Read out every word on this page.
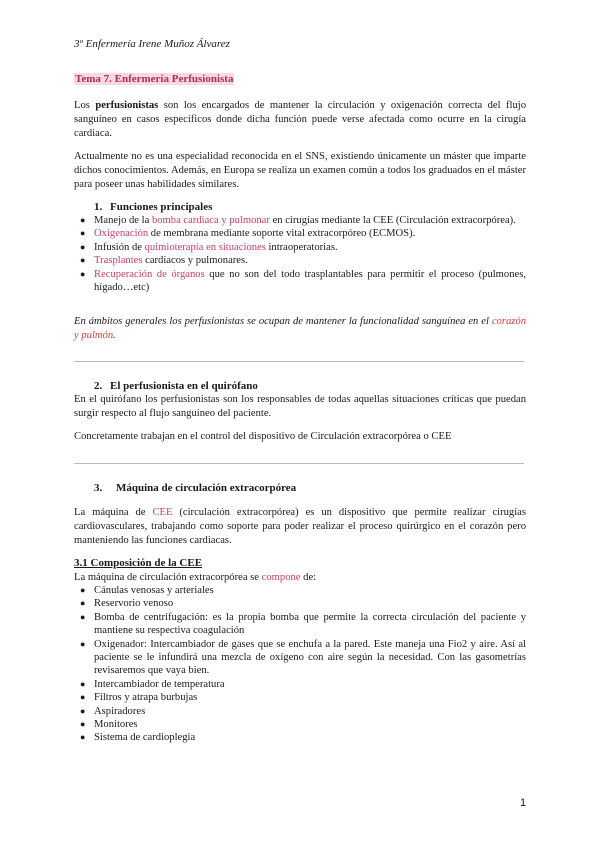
3º Enfermería Irene Muñoz Álvarez
Tema 7. Enfermería Perfusionista
Los perfusionistas son los encargados de mantener la circulación y oxigenación correcta del flujo sanguíneo en casos específicos donde dicha función puede verse afectada como ocurre en la cirugía cardiaca.
Actualmente no es una especialidad reconocida en el SNS, existiendo únicamente un máster que imparte dichos conocimientos. Además, en Europa se realiza un examen común a todos los graduados en el máster para poseer unas habilidades similares.
1. Funciones principales
● Manejo de la bomba cardiaca y pulmonar en cirugías mediante la CEE (Circulación extracorpórea).
● Oxigenación de membrana mediante soporte vital extracorpóreo (ECMOS).
● Infusión de quimioterapia en situaciones intraoperatorias.
● Trasplantes cardiacos y pulmonares.
● Recuperación de órganos que no son del todo trasplantables para permitir el proceso (pulmones, hígado…etc)
En ámbitos generales los perfusionistas se ocupan de mantener la funcionalidad sanguínea en el corazón y pulmón.
2. El perfusionista en el quirófano
En el quirófano los perfusionistas son los responsables de todas aquellas situaciones críticas que puedan surgir respecto al flujo sanguíneo del paciente.
Concretamente trabajan en el control del dispositivo de Circulación extracorpórea o CEE
3. Máquina de circulación extracorpórea
La máquina de CEE (circulación extracorpórea) es un dispositivo que permite realizar cirugías cardiovasculares, trabajando como soporte para poder realizar el proceso quirúrgico en el corazón pero manteniendo las funciones cardiacas.
3.1 Composición de la CEE
La máquina de circulación extracorpórea se compone de:
● Cánulas venosas y arteriales
● Reservorio venoso
● Bomba de centrifugación: es la propia bomba que permite la correcta circulación del paciente y mantiene su respectiva coagulación
● Oxigenador: Intercambiador de gases que se enchufa a la pared. Este maneja una Fio2 y aire. Así al paciente se le infundirá una mezcla de oxígeno con aire según la necesidad. Con las gasometrías revisaremos que vaya bien.
● Intercambiador de temperatura
● Filtros y atrapa burbujas
● Aspiradores
● Monitores
● Sistema de cardioplegia
1
